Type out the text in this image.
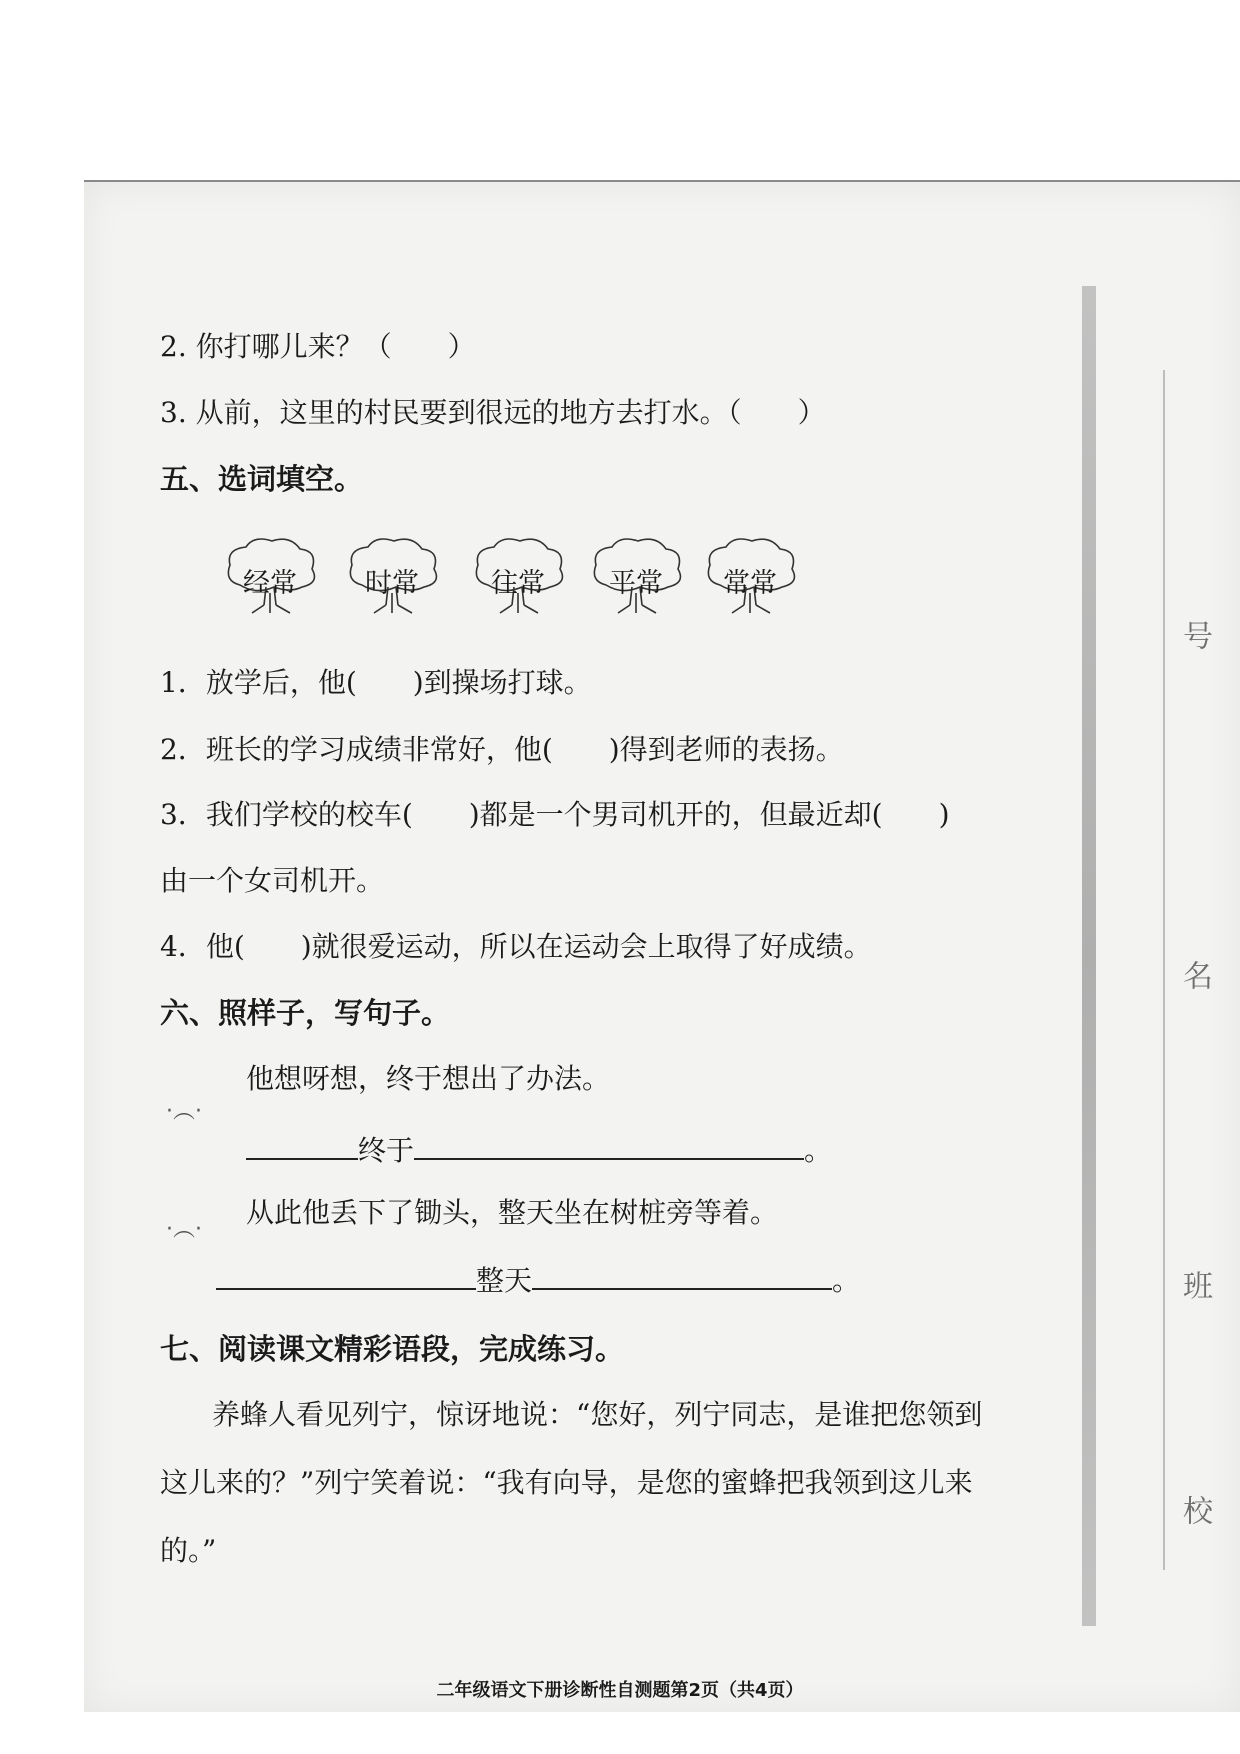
号
名
班
校
2. 你打哪儿来？（　　）
3. 从前，这里的村民要到很远的地方去打水。（　　）
五、选词填空。
经常	时常	往常	平常	常常
1．放学后，他(　　)到操场打球。
2．班长的学习成绩非常好，他(　　)得到老师的表扬。
3．我们学校的校车(　　)都是一个男司机开的，但最近却(　　)
由一个女司机开。
4．他(　　)就很爱运动，所以在运动会上取得了好成绩。
六、照样子，写句子。
·︵·
他想呀想，终于想出了办法。
终于	。
·︵·
从此他丢下了锄头，整天坐在树桩旁等着。
整天	。
七、阅读课文精彩语段，完成练习。
养蜂人看见列宁，惊讶地说：“您好，列宁同志，是谁把您领到
这儿来的？”列宁笑着说：“我有向导，是您的蜜蜂把我领到这儿来
的。”
二年级语文下册诊断性自测题第2页（共4页）
